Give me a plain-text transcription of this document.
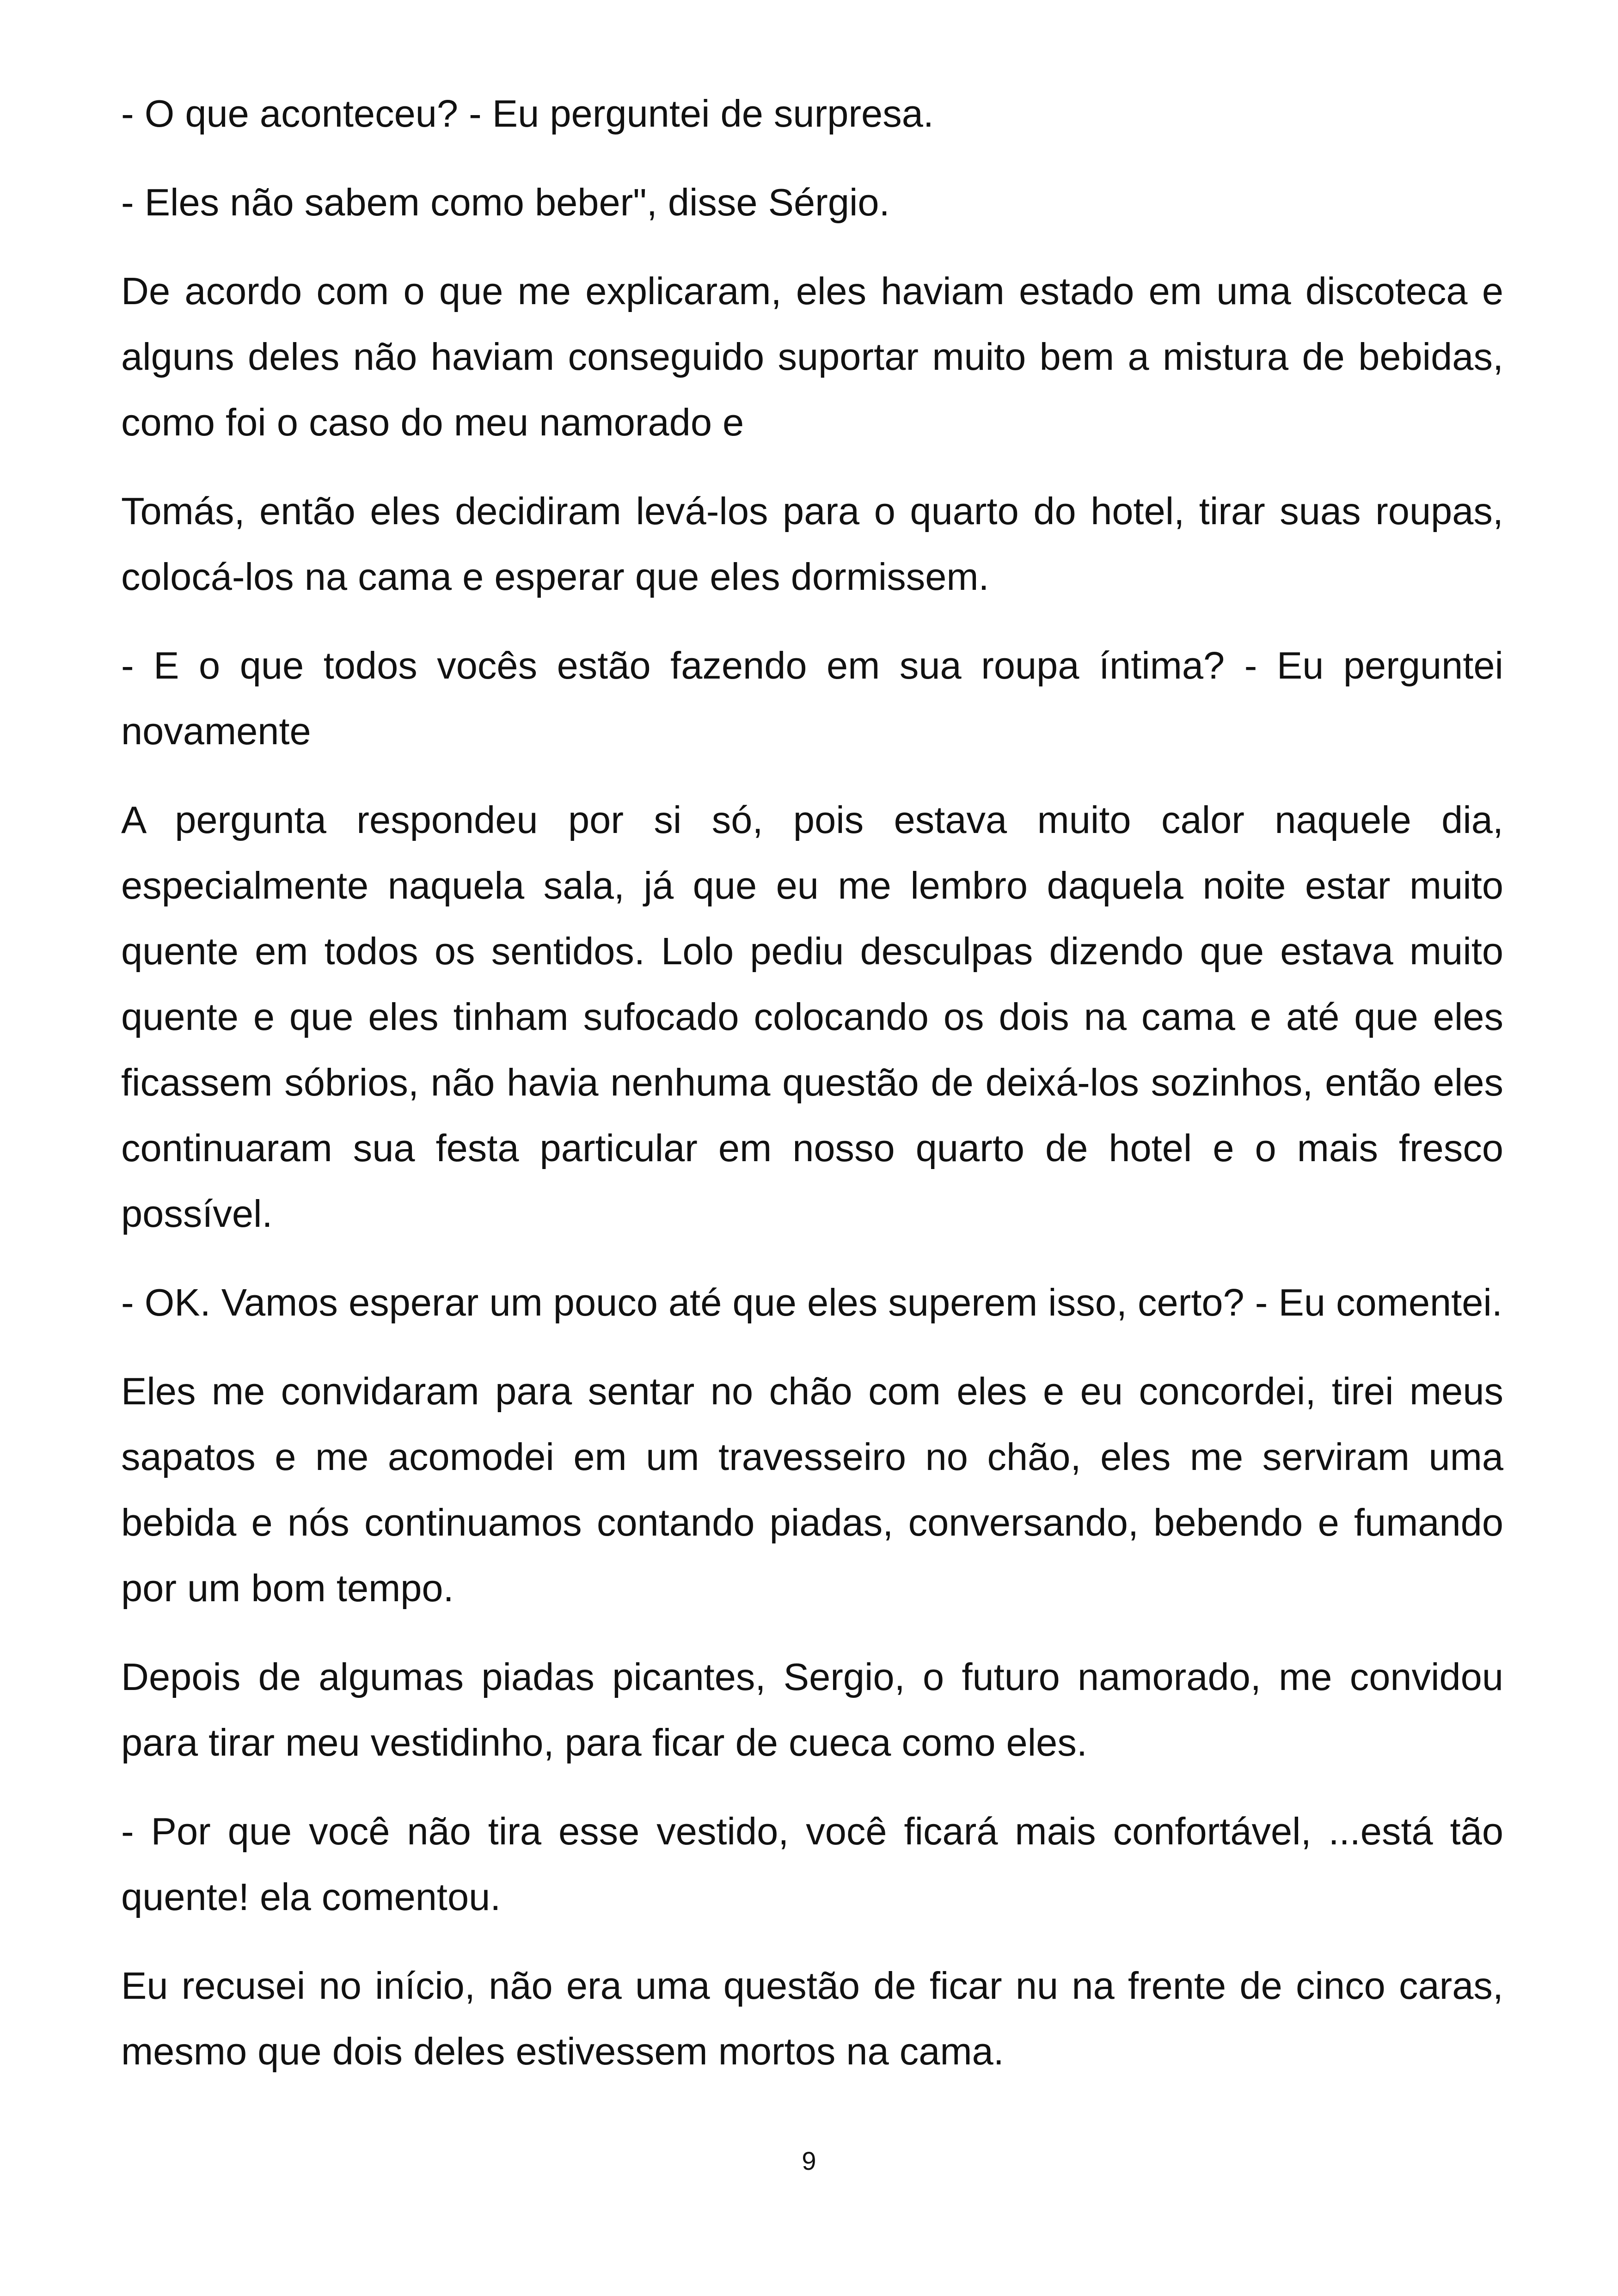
- O que aconteceu? - Eu perguntei de surpresa.

- Eles não sabem como beber", disse Sérgio.

De acordo com o que me explicaram, eles haviam estado em uma discoteca e alguns deles não haviam conseguido suportar muito bem a mistura de bebidas, como foi o caso do meu namorado e

Tomás, então eles decidiram levá-los para o quarto do hotel, tirar suas roupas, colocá-los na cama e esperar que eles dormissem.

- E o que todos vocês estão fazendo em sua roupa íntima? - Eu perguntei novamente

A pergunta respondeu por si só, pois estava muito calor naquele dia, especialmente naquela sala, já que eu me lembro daquela noite estar muito quente em todos os sentidos. Lolo pediu desculpas dizendo que estava muito quente e que eles tinham sufocado colocando os dois na cama e até que eles ficassem sóbrios, não havia nenhuma questão de deixá-los sozinhos, então eles continuaram sua festa particular em nosso quarto de hotel e o mais fresco possível.

- OK. Vamos esperar um pouco até que eles superem isso, certo? - Eu comentei.

Eles me convidaram para sentar no chão com eles e eu concordei, tirei meus sapatos e me acomodei em um travesseiro no chão, eles me serviram uma bebida e nós continuamos contando piadas, conversando, bebendo e fumando por um bom tempo.

Depois de algumas piadas picantes, Sergio, o futuro namorado, me convidou para tirar meu vestidinho, para ficar de cueca como eles.

- Por que você não tira esse vestido, você ficará mais confortável, ...está tão quente! ela comentou.

Eu recusei no início, não era uma questão de ficar nu na frente de cinco caras, mesmo que dois deles estivessem mortos na cama.

9
